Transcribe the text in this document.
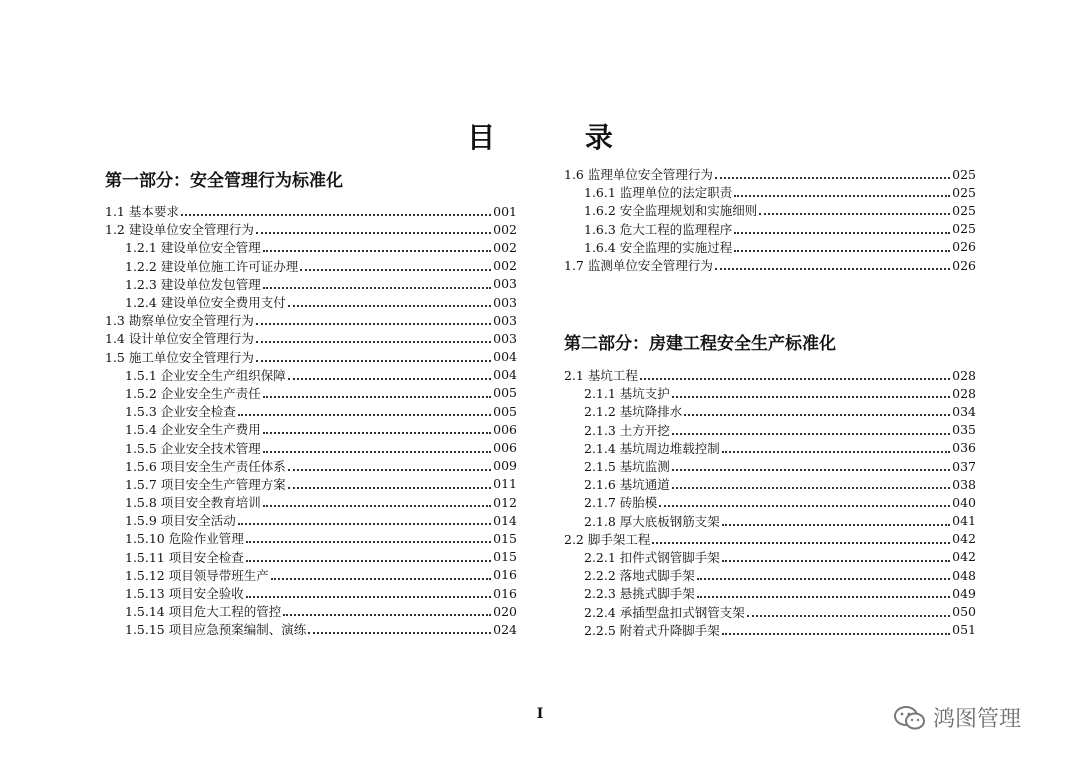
目 录
第一部分：安全管理行为标准化
1.1 基本要求	001
1.2 建设单位安全管理行为	002
1.2.1 建设单位安全管理	002
1.2.2 建设单位施工许可证办理	002
1.2.3 建设单位发包管理	003
1.2.4 建设单位安全费用支付	003
1.3 勘察单位安全管理行为	003
1.4 设计单位安全管理行为	003
1.5 施工单位安全管理行为	004
1.5.1 企业安全生产组织保障	004
1.5.2 企业安全生产责任	005
1.5.3 企业安全检查	005
1.5.4 企业安全生产费用	006
1.5.5 企业安全技术管理	006
1.5.6 项目安全生产责任体系	009
1.5.7 项目安全生产管理方案	011
1.5.8 项目安全教育培训	012
1.5.9 项目安全活动	014
1.5.10 危险作业管理	015
1.5.11 项目安全检查	015
1.5.12 项目领导带班生产	016
1.5.13 项目安全验收	016
1.5.14 项目危大工程的管控	020
1.5.15 项目应急预案编制、演练	024
1.6 监理单位安全管理行为	025
1.6.1 监理单位的法定职责	025
1.6.2 安全监理规划和实施细则	025
1.6.3 危大工程的监理程序	025
1.6.4 安全监理的实施过程	026
1.7 监测单位安全管理行为	026
第二部分：房建工程安全生产标准化
2.1 基坑工程	028
2.1.1 基坑支护	028
2.1.2 基坑降排水	034
2.1.3 土方开挖	035
2.1.4 基坑周边堆载控制	036
2.1.5 基坑监测	037
2.1.6 基坑通道	038
2.1.7 砖胎模	040
2.1.8 厚大底板钢筋支架	041
2.2 脚手架工程	042
2.2.1 扣件式钢管脚手架	042
2.2.2 落地式脚手架	048
2.2.3 悬挑式脚手架	049
2.2.4 承插型盘扣式钢管支架	050
2.2.5 附着式升降脚手架	051
I	鸿图管理
